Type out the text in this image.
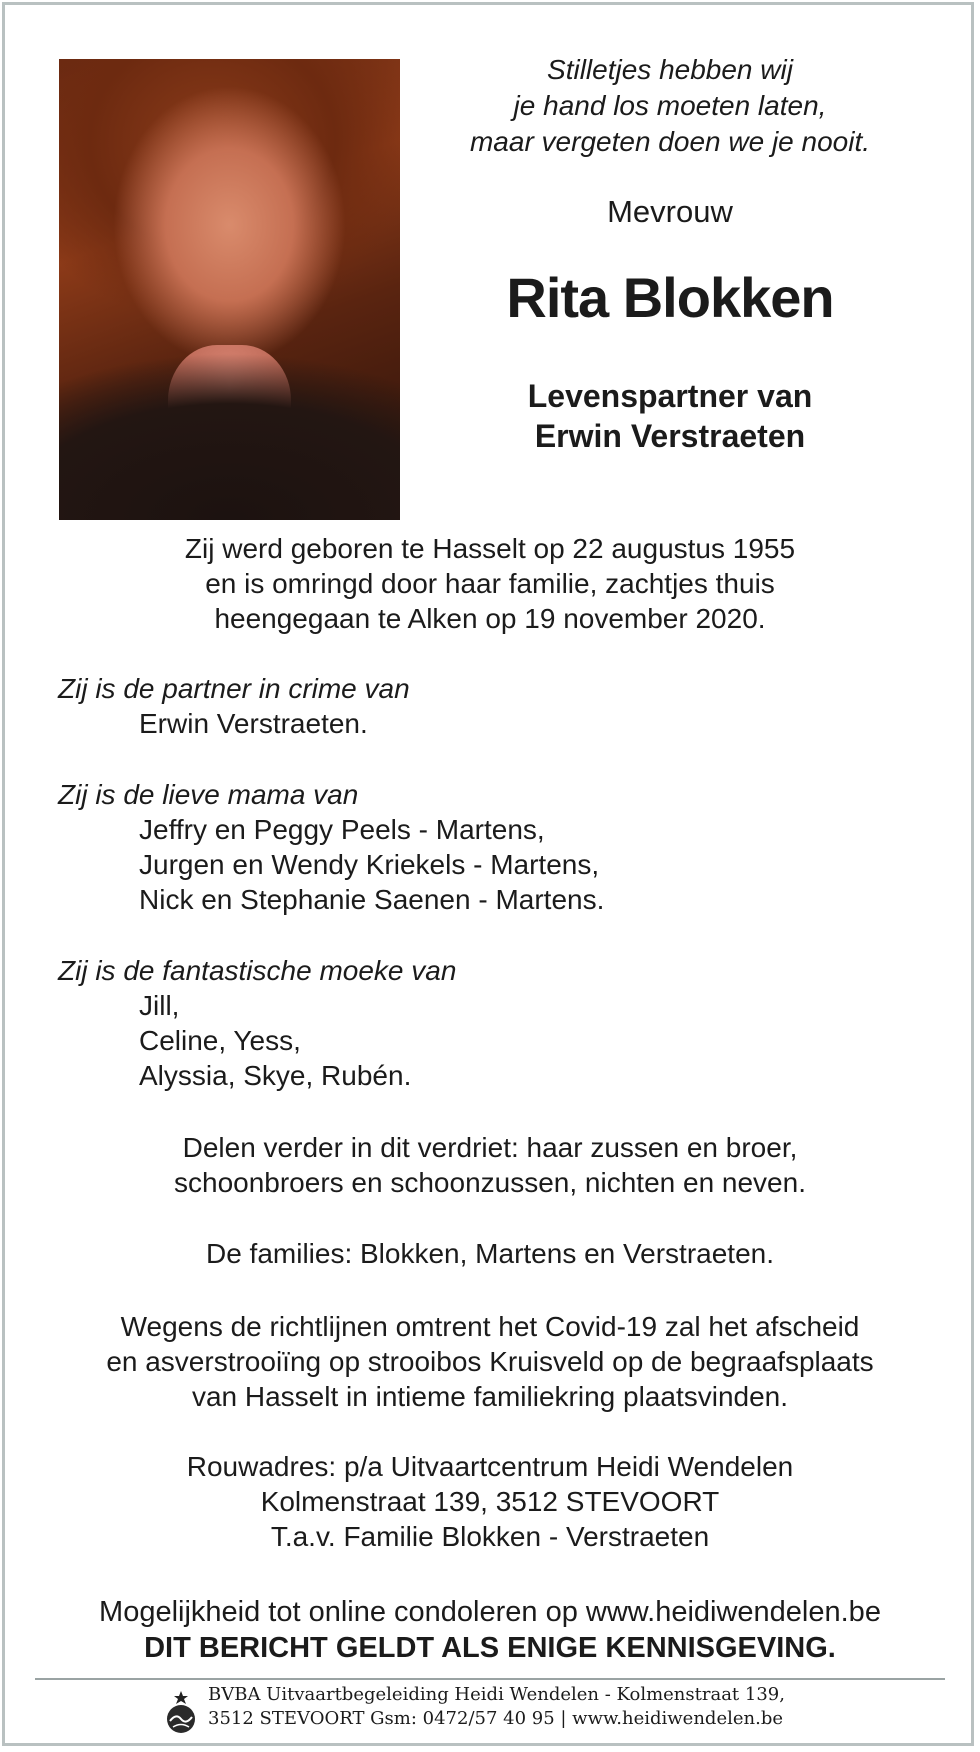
Stilletjes hebben wij
je hand los moeten laten,
maar vergeten doen we je nooit.
Mevrouw
Rita Blokken
Levenspartner van
Erwin Verstraeten
Zij werd geboren te Hasselt op 22 augustus 1955
en is omringd door haar familie, zachtjes thuis
heengegaan te Alken op 19 november 2020.
Zij is de partner in crime van
Erwin Verstraeten.
Zij is de lieve mama van
Jeffry en Peggy Peels - Martens,
Jurgen en Wendy Kriekels - Martens,
Nick en Stephanie Saenen - Martens.
Zij is de fantastische moeke van
Jill,
Celine, Yess,
Alyssia, Skye, Rubén.
Delen verder in dit verdriet: haar zussen en broer,
schoonbroers en schoonzussen, nichten en neven.
De families: Blokken, Martens en Verstraeten.
Wegens de richtlijnen omtrent het Covid-19 zal het afscheid
en asverstrooiïng op strooibos Kruisveld op de begraafsplaats
van Hasselt in intieme familiekring plaatsvinden.
Rouwadres: p/a Uitvaartcentrum Heidi Wendelen
Kolmenstraat 139, 3512 STEVOORT
T.a.v. Familie Blokken - Verstraeten
Mogelijkheid tot online condoleren op www.heidiwendelen.be
DIT BERICHT GELDT ALS ENIGE KENNISGEVING.
BVBA Uitvaartbegeleiding Heidi Wendelen - Kolmenstraat 139,
3512 STEVOORT Gsm: 0472/57 40 95 | www.heidiwendelen.be
